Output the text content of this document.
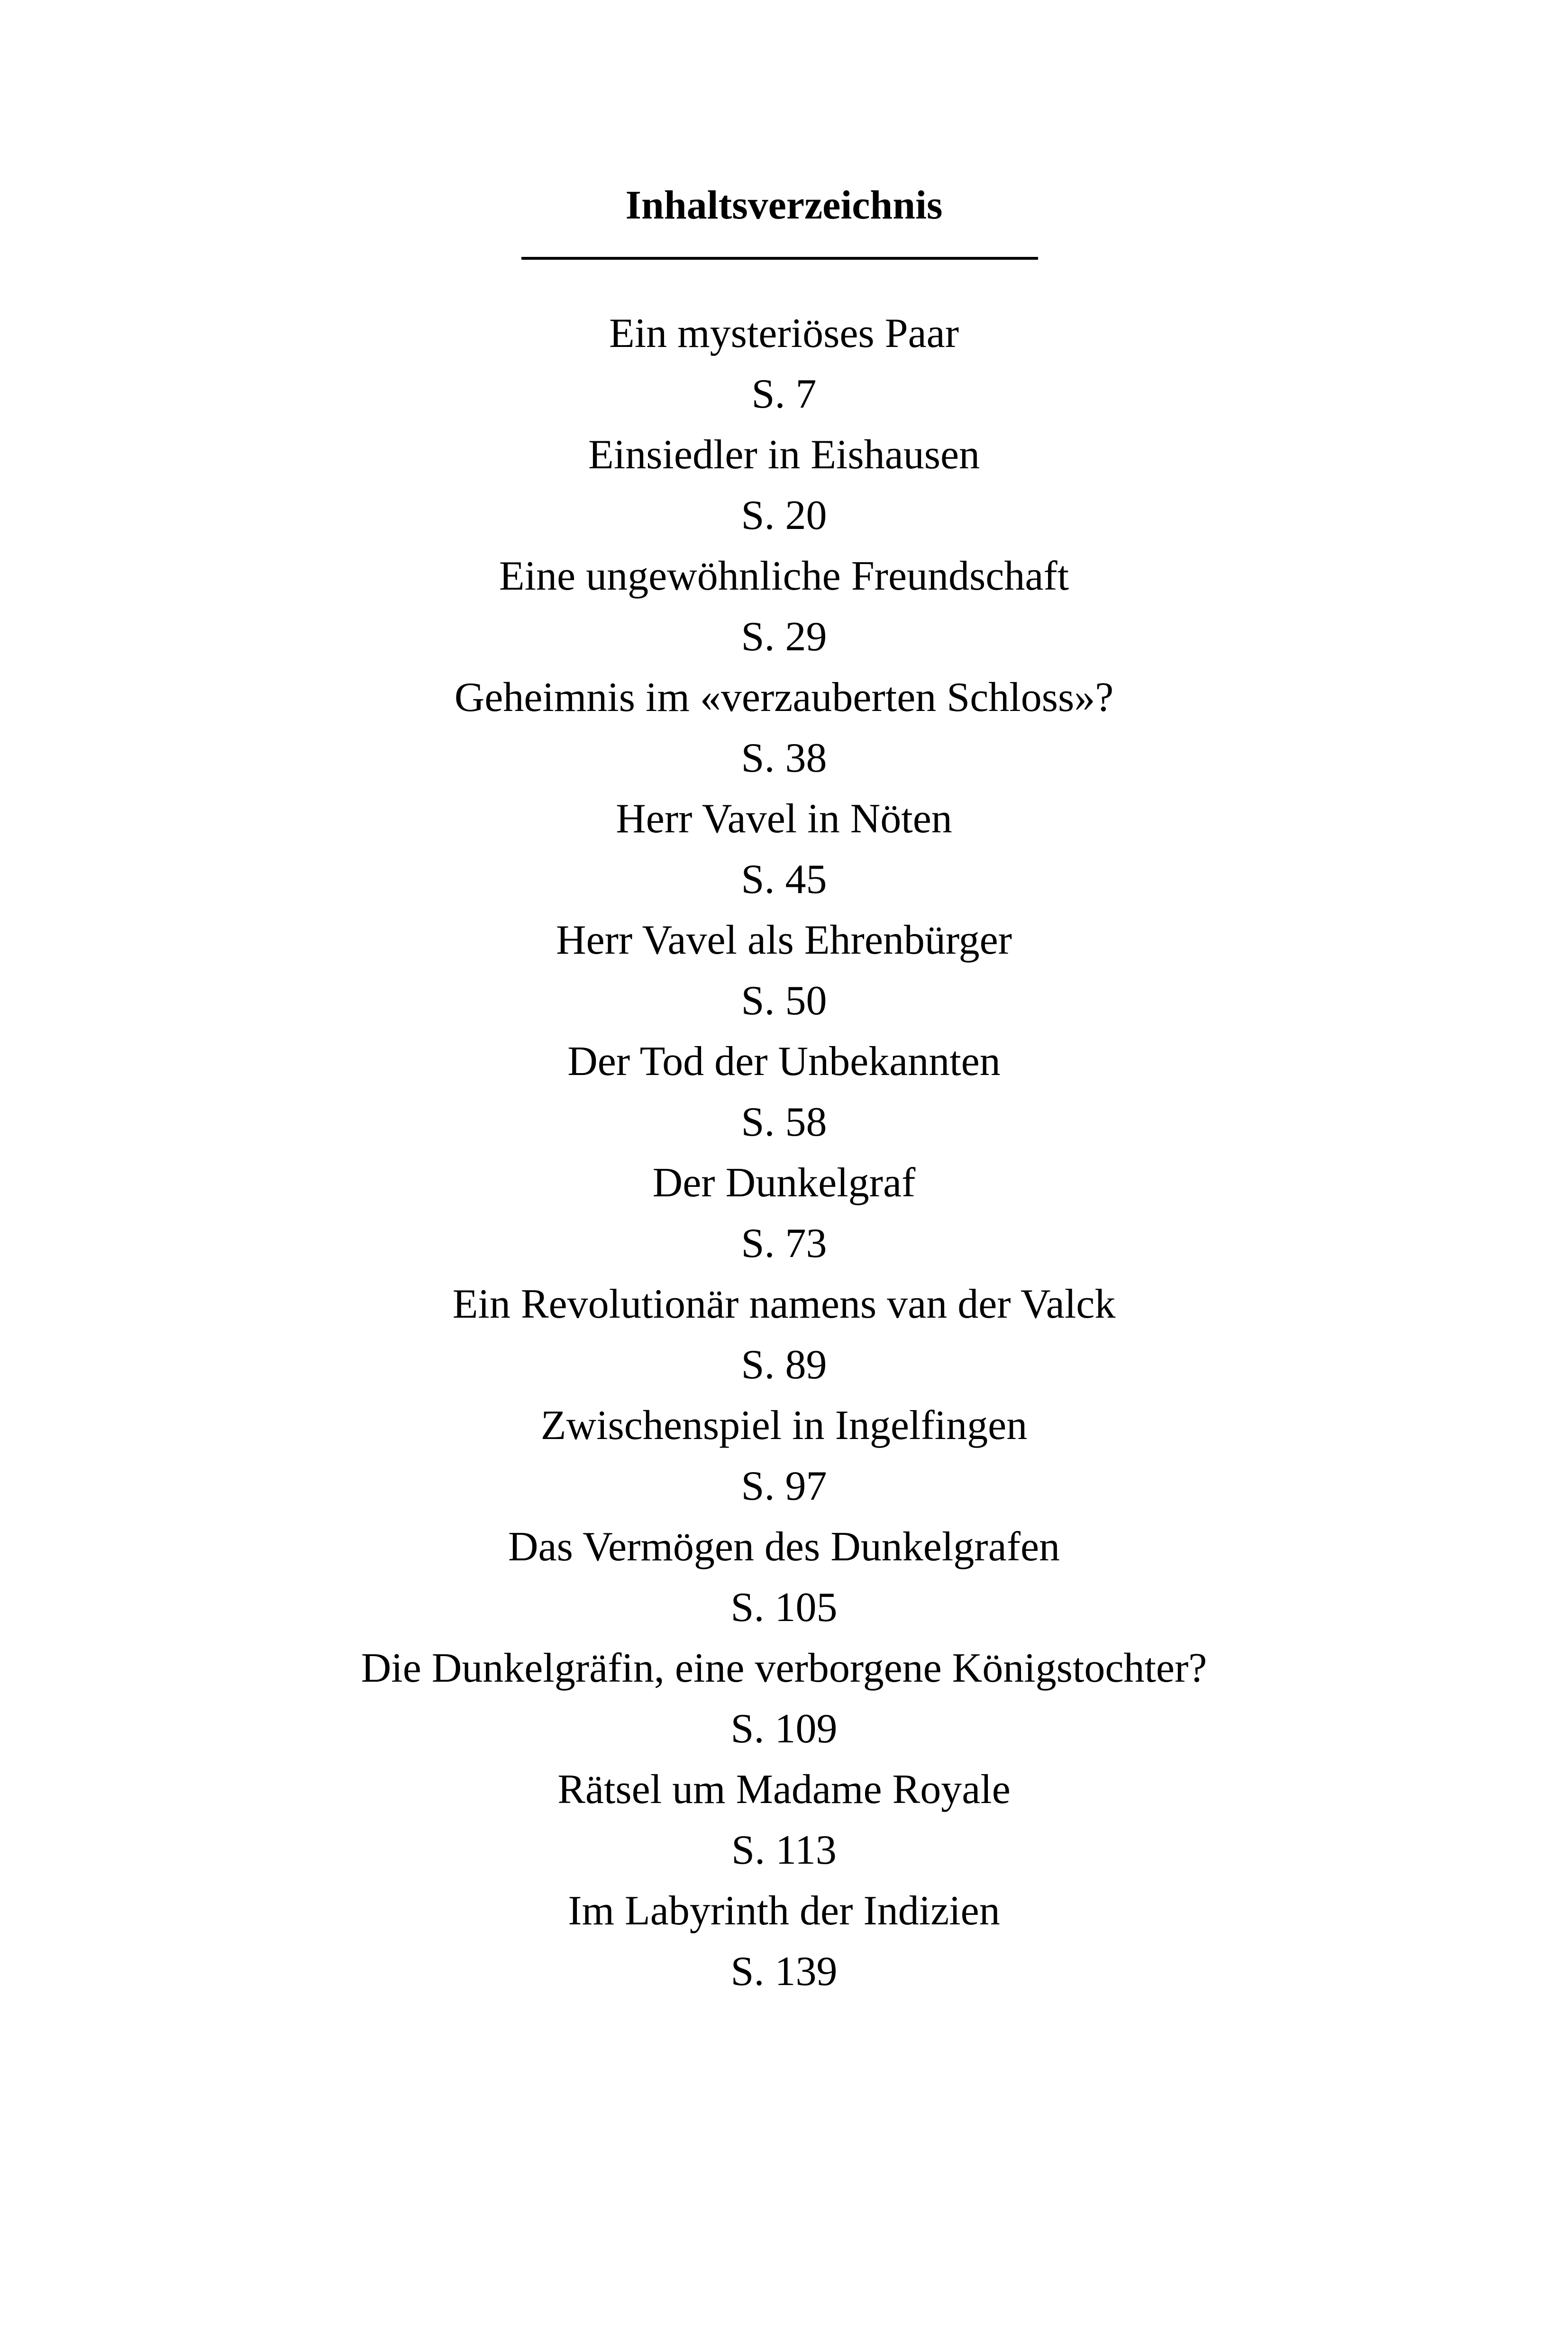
Inhaltsverzeichnis
Ein mysteriöses Paar
S. 7
Einsiedler in Eishausen
S. 20
Eine ungewöhnliche Freundschaft
S. 29
Geheimnis im «verzauberten Schloss»?
S. 38
Herr Vavel in Nöten
S. 45
Herr Vavel als Ehrenbürger
S. 50
Der Tod der Unbekannten
S. 58
Der Dunkelgraf
S. 73
Ein Revolutionär namens van der Valck
S. 89
Zwischenspiel in Ingelfingen
S. 97
Das Vermögen des Dunkelgrafen
S. 105
Die Dunkelgräfin, eine verborgene Königstochter?
S. 109
Rätsel um Madame Royale
S. 113
Im Labyrinth der Indizien
S. 139
